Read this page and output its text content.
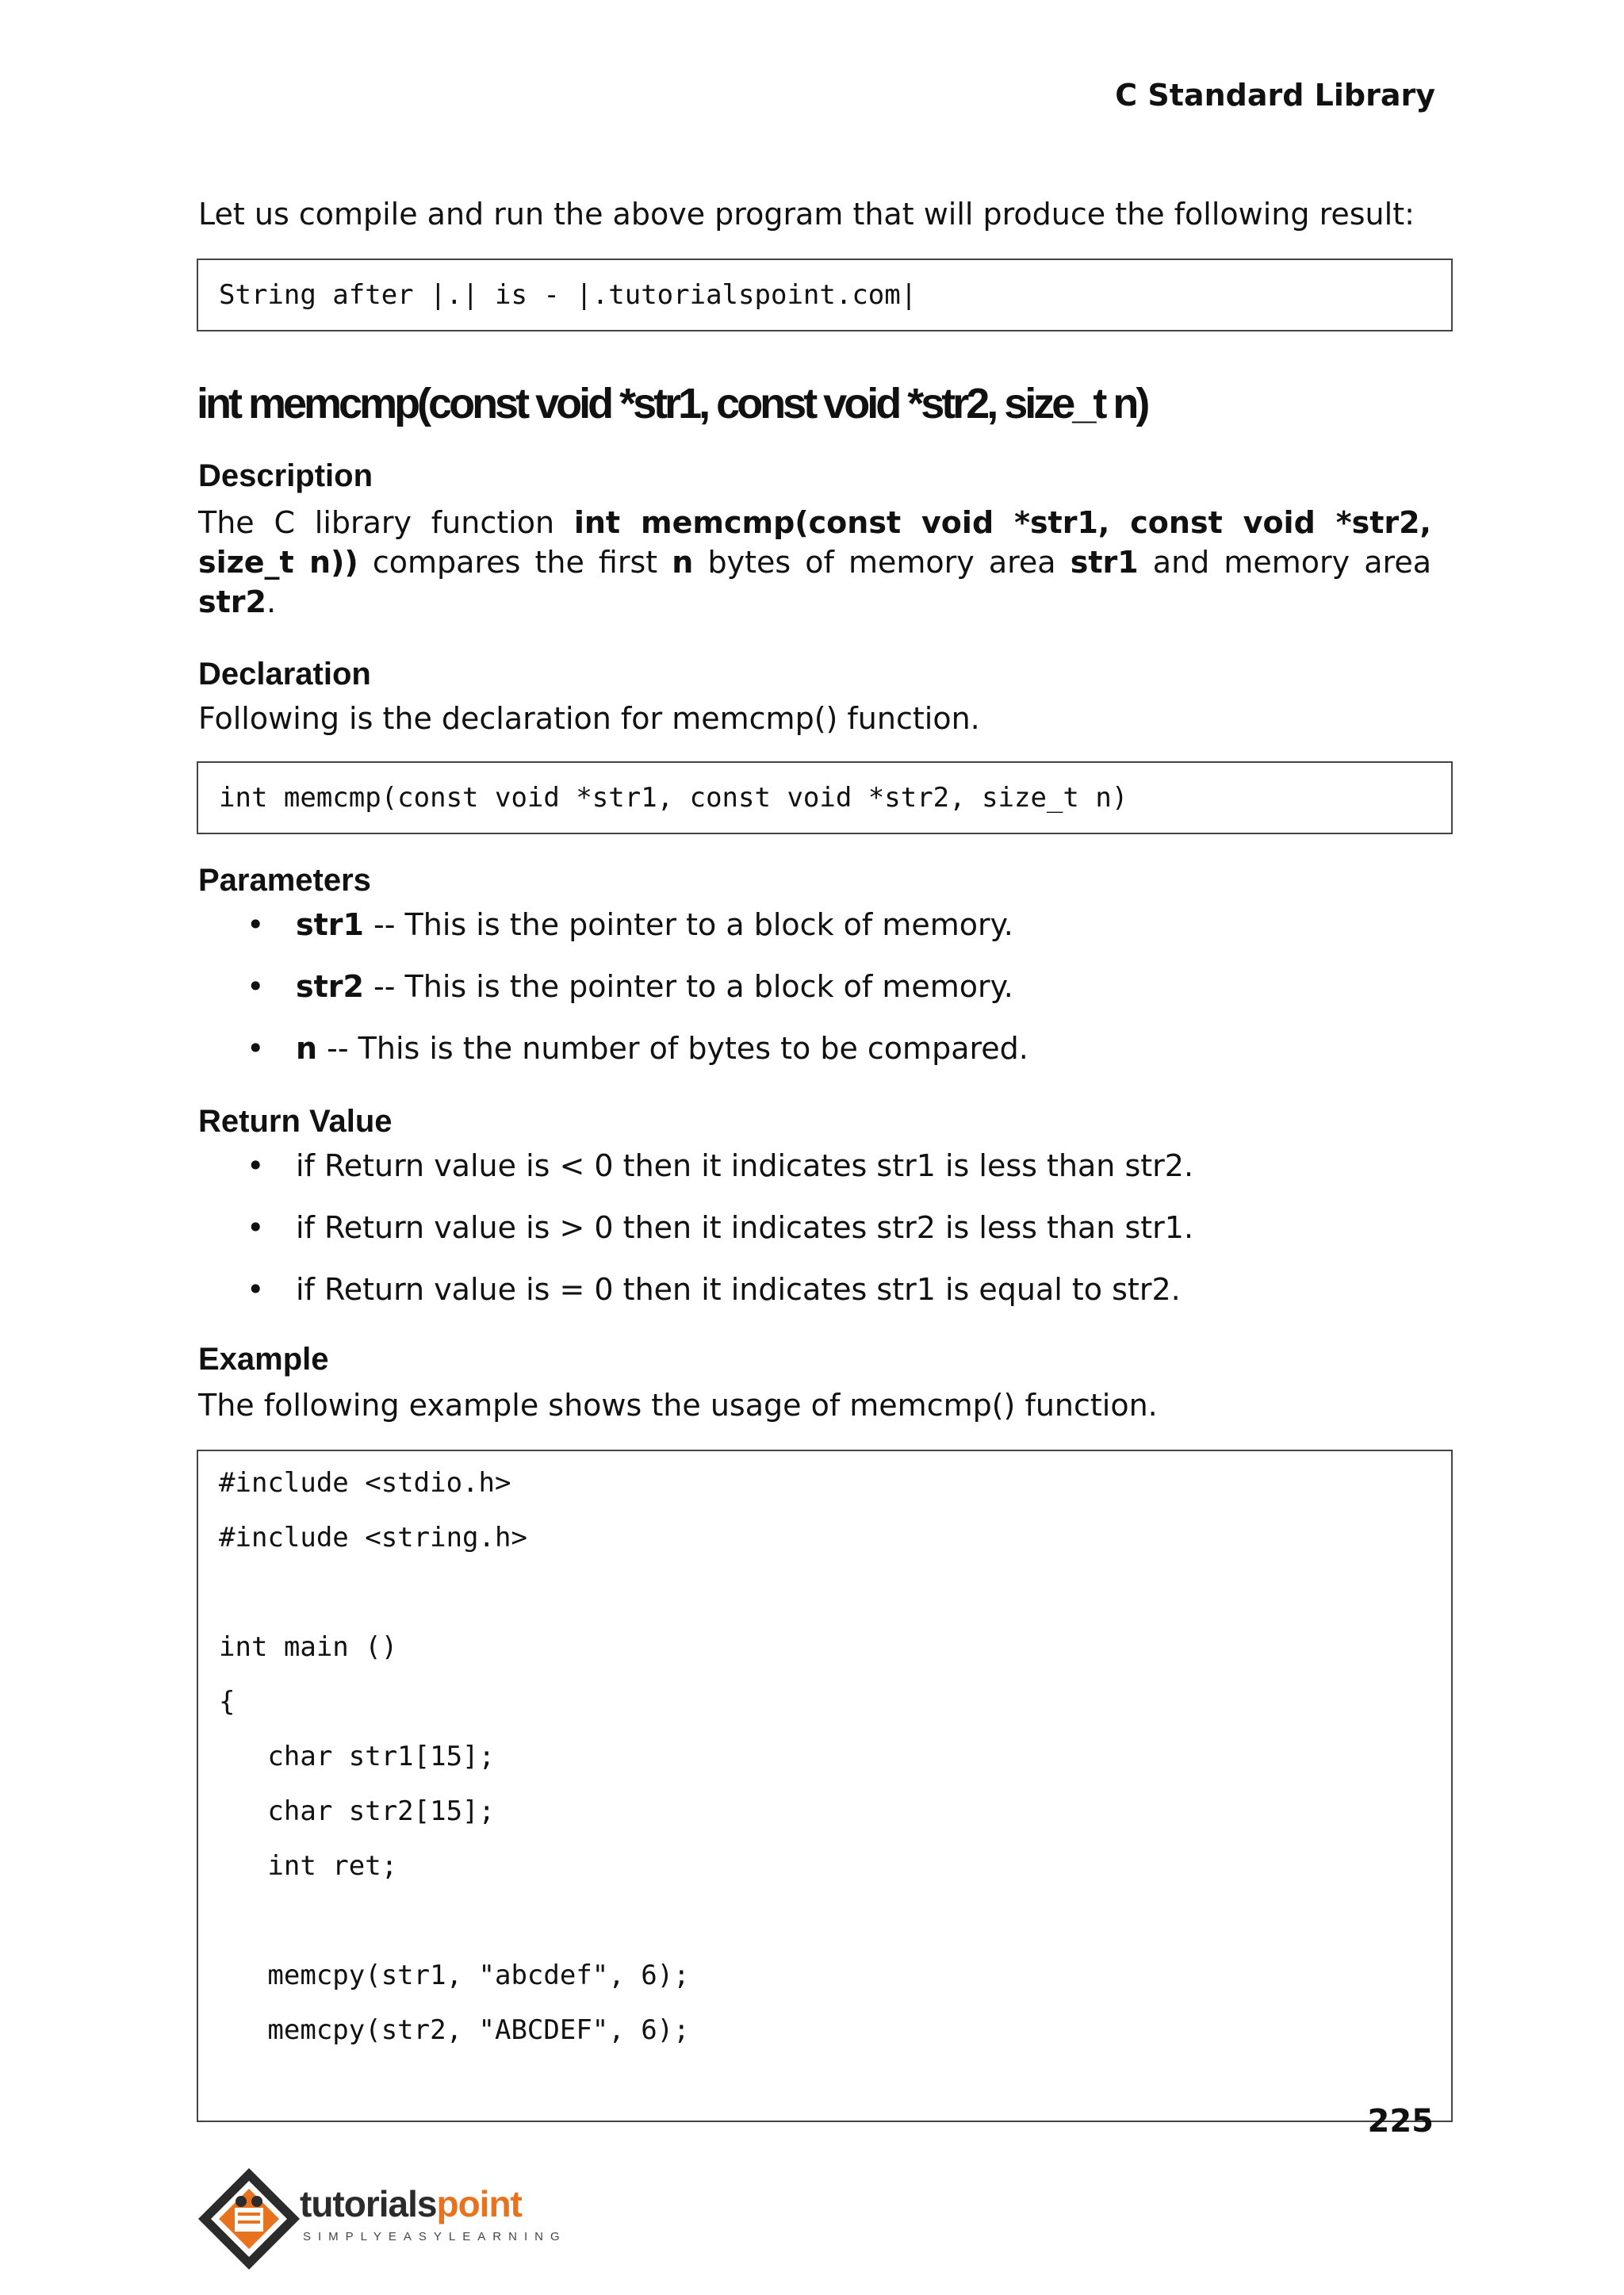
C Standard Library
Let us compile and run the above program that will produce the following result:
String after |.| is - |.tutorialspoint.com|
int memcmp(const void *str1, const void *str2, size_t n)
Description
The C library function int memcmp(const void *str1, const void *str2, size_t n)) compares the first n bytes of memory area str1 and memory area str2.
Declaration
Following is the declaration for memcmp() function.
int memcmp(const void *str1, const void *str2, size_t n)
Parameters
• str1 -- This is the pointer to a block of memory.
• str2 -- This is the pointer to a block of memory.
• n -- This is the number of bytes to be compared.
Return Value
• if Return value is < 0 then it indicates str1 is less than str2.
• if Return value is > 0 then it indicates str2 is less than str1.
• if Return value is = 0 then it indicates str1 is equal to str2.
Example
The following example shows the usage of memcmp() function.
#include <stdio.h>
#include <string.h>
int main ()
{
char str1[15];
char str2[15];
int ret;
memcpy(str1, "abcdef", 6);
memcpy(str2, "ABCDEF", 6);
225
tutorialspoint
SIMPLYEASYLEARNING
